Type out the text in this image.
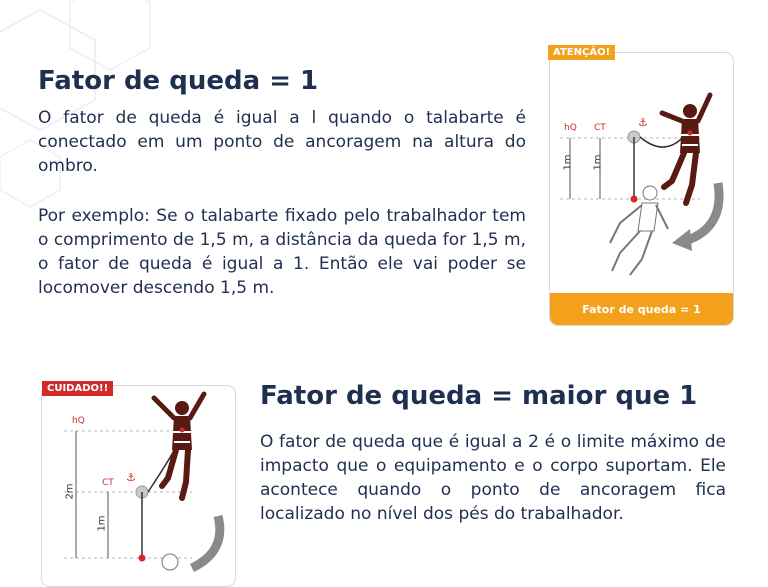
Fator de queda = 1

O fator de queda é igual a l quando o talabarte é conectado em um ponto de ancoragem na altura do ombro.

Por exemplo: Se o talabarte fixado pelo trabalhador tem o comprimento de 1,5 m, a distância da queda for 1,5 m, o fator de queda é igual a 1. Então ele vai poder se locomover descendo 1,5 m.

⚓
hQ CT
1m 1m
Fator de queda = 1
ATENÇÃO!
⚓
hQ
CT
2m
1m
CUIDADO!!	Fator de queda = maior que 1

O fator de queda que é igual a 2 é o limite máximo de impacto que o equipamento e o corpo suportam. Ele acontece quando o ponto de ancoragem fica localizado no nível dos pés do trabalhador.
